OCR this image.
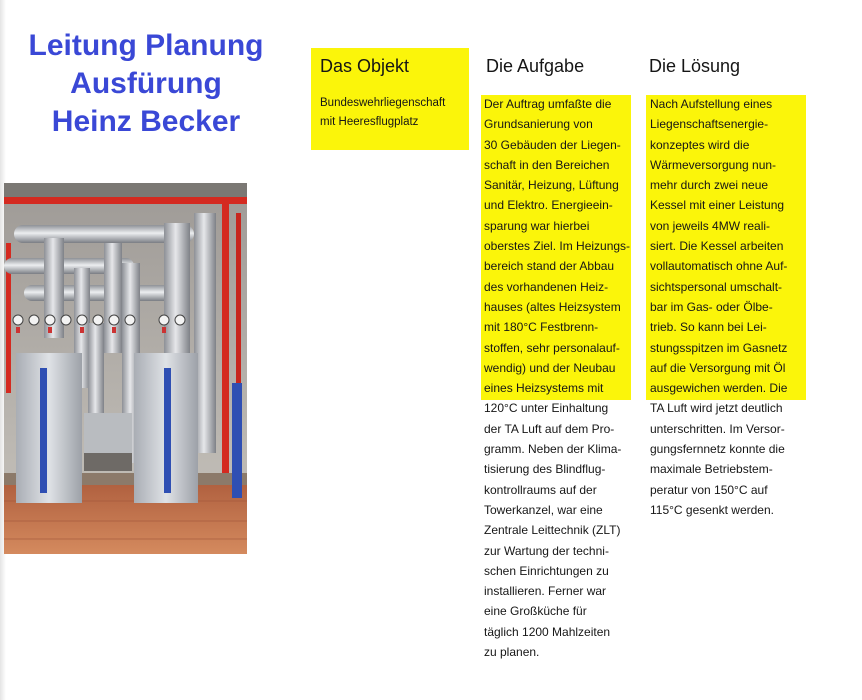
Leitung Planung
Ausfürung
Heinz Becker
Das Objekt
Bundeswehrliegenschaft
mit Heeresflugplatz
Die Aufgabe
Der Auftrag umfaßte die
Grundsanierung von
30 Gebäuden der Liegen-
schaft in den Bereichen
Sanitär, Heizung, Lüftung
und Elektro. Energieein-
sparung war hierbei
oberstes Ziel. Im Heizungs-
bereich stand der Abbau
des vorhandenen Heiz-
hauses (altes Heizsystem
mit 180°C Festbrenn-
stoffen, sehr personalauf-
wendig) und der Neubau
eines Heizsystems mit
120°C unter Einhaltung
der TA Luft auf dem Pro-
gramm. Neben der Klima-
tisierung des Blindflug-
kontrollraums auf der
Towerkanzel, war eine
Zentrale Leittechnik (ZLT)
zur Wartung der techni-
schen Einrichtungen zu
installieren. Ferner war
eine Großküche für
täglich 1200 Mahlzeiten
zu planen.
Die Lösung
Nach Aufstellung eines
Liegenschaftsenergie-
konzeptes wird die
Wärmeversorgung nun-
mehr durch zwei neue
Kessel mit einer Leistung
von jeweils 4MW reali-
siert. Die Kessel arbeiten
vollautomatisch ohne Auf-
sichtspersonal umschalt-
bar im Gas- oder Ölbe-
trieb. So kann bei Lei-
stungsspitzen im Gasnetz
auf die Versorgung mit Öl
ausgewichen werden. Die
TA Luft wird jetzt deutlich
unterschritten. Im Versor-
gungsfernnetz konnte die
maximale Betriebstem-
peratur von 150°C auf
115°C gesenkt werden.
